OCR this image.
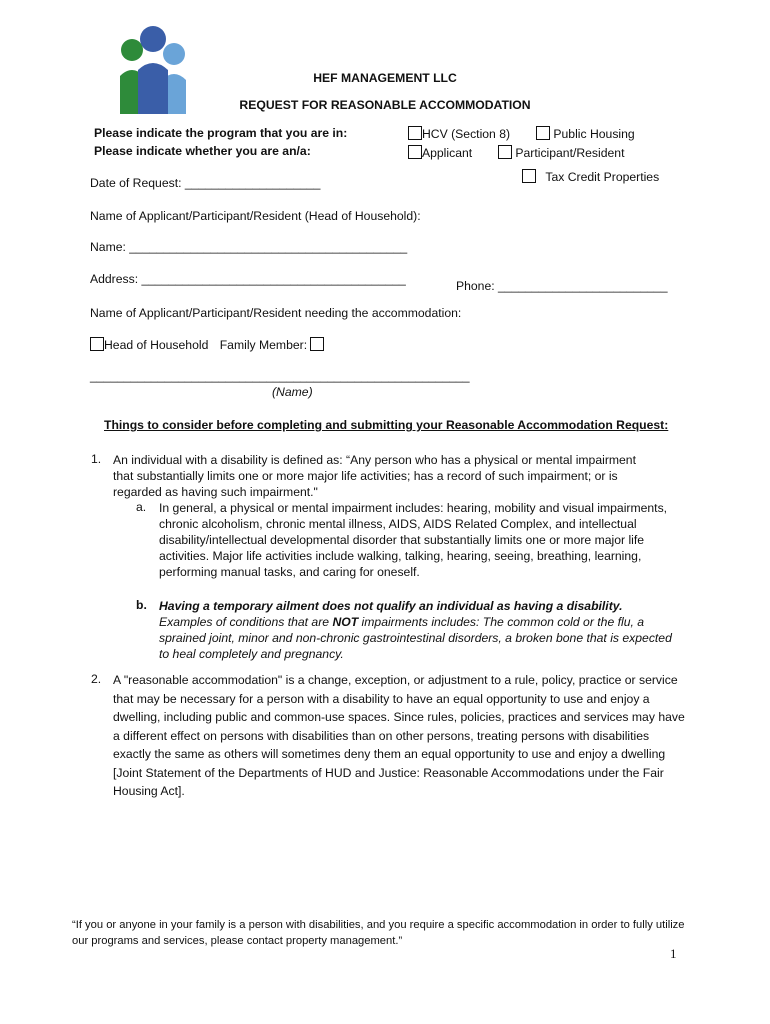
HEF MANAGEMENT LLC
REQUEST FOR REASONABLE ACCOMMODATION
Please indicate the program that you are in:
Please indicate whether you are an/a:
HCV (Section 8)	Public Housing
Applicant	Participant/Resident
Tax Credit Properties
Date of Request: ____________________
Name of Applicant/Participant/Resident (Head of Household):
Name: _________________________________________
Address: _______________________________________	Phone: _________________________
Name of Applicant/Participant/Resident needing the accommodation:
Head of Household Family Member:
________________________________________________________
(Name)
Things to consider before completing and submitting your Reasonable Accommodation Request:
1. An individual with a disability is defined as: “Any person who has a physical or mental impairment that substantially limits one or more major life activities; has a record of such impairment; or is regarded as having such impairment."
a. In general, a physical or mental impairment includes: hearing, mobility and visual impairments, chronic alcoholism, chronic mental illness, AIDS, AIDS Related Complex, and intellectual disability/intellectual developmental disorder that substantially limits one or more major life activities. Major life activities include walking, talking, hearing, seeing, breathing, learning, performing manual tasks, and caring for oneself.
b. Having a temporary ailment does not qualify an individual as having a disability.
Examples of conditions that are NOT impairments includes: The common cold or the flu, a sprained joint, minor and non-chronic gastrointestinal disorders, a broken bone that is expected to heal completely and pregnancy.
2. A "reasonable accommodation" is a change, exception, or adjustment to a rule, policy, practice or service that may be necessary for a person with a disability to have an equal opportunity to use and enjoy a dwelling, including public and common-use spaces. Since rules, policies, practices and services may have a different effect on persons with disabilities than on other persons, treating persons with disabilities exactly the same as others will sometimes deny them an equal opportunity to use and enjoy a dwelling [Joint Statement of the Departments of HUD and Justice: Reasonable Accommodations under the Fair Housing Act].
“If you or anyone in your family is a person with disabilities, and you require a specific accommodation in order to fully utilize our programs and services, please contact property management.”
1
